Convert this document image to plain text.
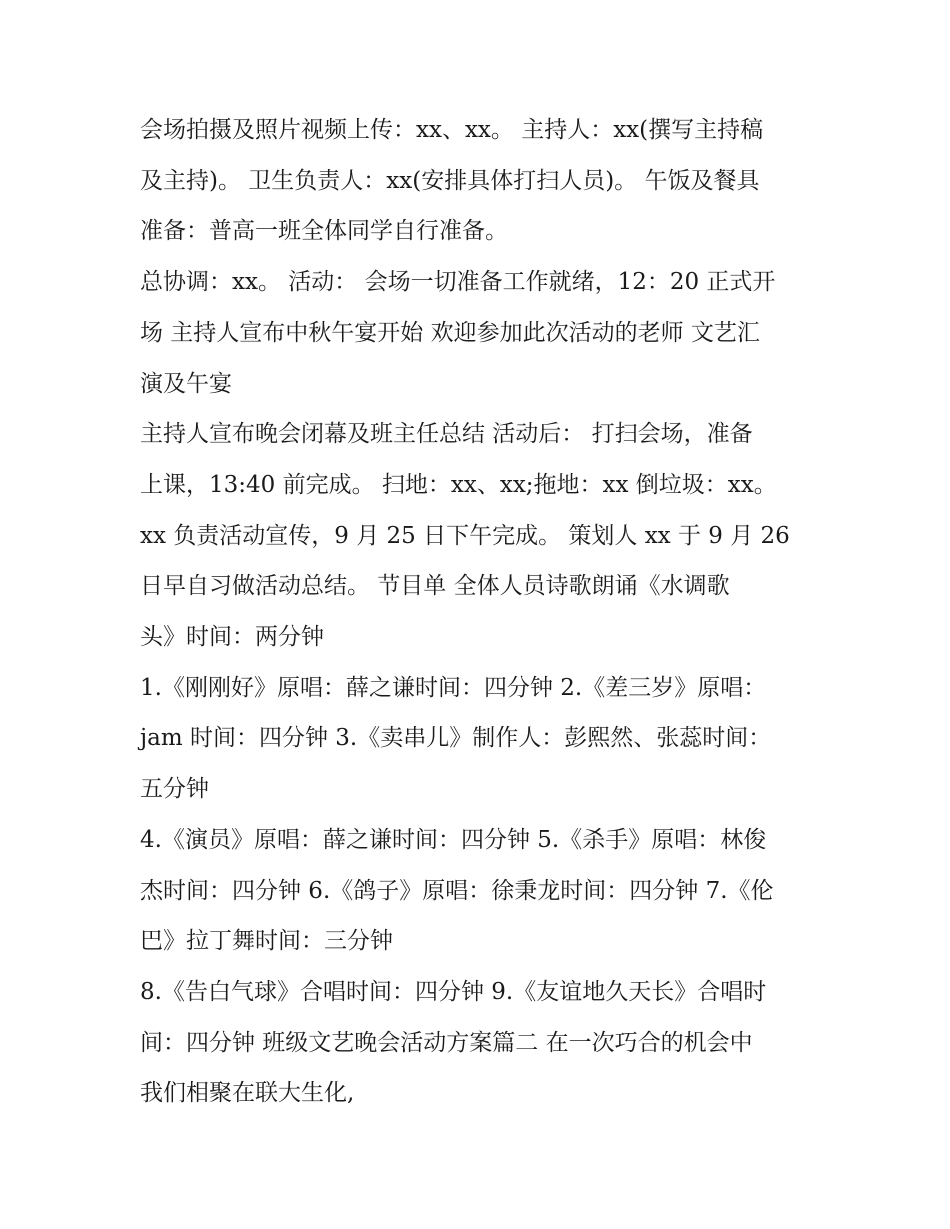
会场拍摄及照片视频上传：xx、xx。 主持人：xx(撰写主持稿
及主持)。 卫生负责人：xx(安排具体打扫人员)。 午饭及餐具
准备：普高一班全体同学自行准备。

总协调：xx。 活动： 会场一切准备工作就绪，12：20 正式开
场 主持人宣布中秋午宴开始 欢迎参加此次活动的老师 文艺汇
演及午宴

主持人宣布晚会闭幕及班主任总结 活动后： 打扫会场，准备
上课，13:40 前完成。 扫地：xx、xx;拖地：xx 倒垃圾：xx。
xx 负责活动宣传，9 月 25 日下午完成。 策划人 xx 于 9 月 26
日早自习做活动总结。 节目单 全体人员诗歌朗诵《水调歌
头》时间：两分钟

1.《刚刚好》原唱：薛之谦时间：四分钟 2.《差三岁》原唱：
jam 时间：四分钟 3.《卖串儿》制作人：彭熙然、张蕊时间：
五分钟

4.《演员》原唱：薛之谦时间：四分钟 5.《杀手》原唱：林俊
杰时间：四分钟 6.《鸽子》原唱：徐秉龙时间：四分钟 7.《伦
巴》拉丁舞时间：三分钟

8.《告白气球》合唱时间：四分钟 9.《友谊地久天长》合唱时
间：四分钟 班级文艺晚会活动方案篇二 在一次巧合的机会中
我们相聚在联大生化,
